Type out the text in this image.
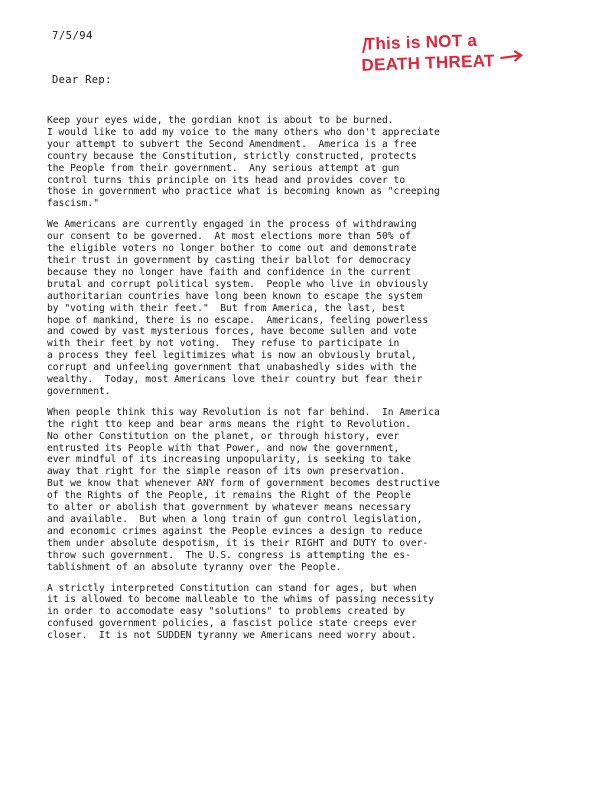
7/5/94	This is NOT a
DEATH THREAT
Dear Rep:
Keep your eyes wide, the gordian knot is about to be burned.
I would like to add my voice to the many others who don't appreciate
your attempt to subvert the Second Amendment.  America is a free
country because the Constitution, strictly constructed, protects
the People from their government.  Any serious attempt at gun
control turns this principle on its head and provides cover to
those in government who practice what is becoming known as "creeping
fascism."
We Americans are currently engaged in the process of withdrawing
our consent to be governed.  At most elections more than 50% of
the eligible voters no longer bother to come out and demonstrate
their trust in government by casting their ballot for democracy
because they no longer have faith and confidence in the current
brutal and corrupt political system.  People who live in obviously
authoritarian countries have long been known to escape the system
by "voting with their feet."  But from America, the last, best
hope of mankind, there is no escape.  Americans, feeling powerless
and cowed by vast mysterious forces, have become sullen and vote
with their feet by not voting.  They refuse to participate in
a process they feel legitimizes what is now an obviously brutal,
corrupt and unfeeling government that unabashedly sides with the
wealthy.  Today, most Americans love their country but fear their
government.
When people think this way Revolution is not far behind.  In America
the right tto keep and bear arms means the right to Revolution.
No other Constitution on the planet, or through history, ever
entrusted its People with that Power, and now the government,
ever mindful of its increasing unpopularity, is seeking to take
away that right for the simple reason of its own preservation.
But we know that whenever ANY form of government becomes destructive
of the Rights of the People, it remains the Right of the People
to alter or abolish that government by whatever means necessary
and available.  But when a long train of gun control legislation,
and economic crimes against the People evinces a design to reduce
them under absolute despotism, it is their RIGHT and DUTY to over-
throw such government.  The U.S. congress is attempting the es-
tablishment of an absolute tyranny over the People.
A strictly interpreted Constitution can stand for ages, but when
it is allowed to become malleable to the whims of passing necessity
in order to accomodate easy "solutions" to problems created by
confused government policies, a fascist police state creeps ever
closer.  It is not SUDDEN tyranny we Americans need worry about.
